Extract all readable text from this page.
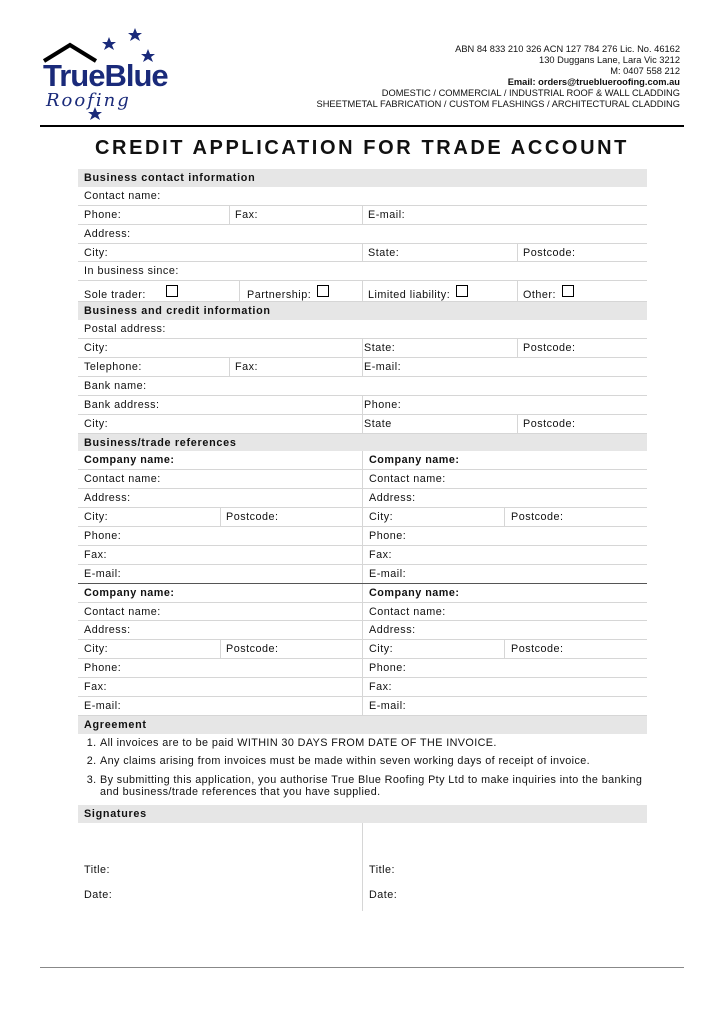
TrueBlue
Roofing
ABN 84 833 210 326 ACN 127 784 276 Lic. No. 46162
130 Duggans Lane, Lara Vic 3212
M: 0407 558 212
Email: orders@trueblueroofing.com.au
DOMESTIC / COMMERCIAL / INDUSTRIAL ROOF & WALL CLADDING
SHEETMETAL FABRICATION / CUSTOM FLASHINGS / ARCHITECTURAL CLADDING
CREDIT APPLICATION FOR TRADE ACCOUNT
Business contact information
Contact name:
Phone:	Fax:	E-mail:
Address:
City:	State:	Postcode:
In business since:
Sole trader:	Partnership:	Limited liability:	Other:
Business and credit information
Postal address:
City:	State:	Postcode:
Telephone:	Fax:	E-mail:
Bank name:
Bank address:	Phone:
City:	State	Postcode:
Business/trade references
Company name:	Company name:
Contact name:	Contact name:
Address:	Address:
City:	Postcode:	City:	Postcode:
Phone:	Phone:
Fax:	Fax:
E-mail:	E-mail:
Company name:	Company name:
Contact name:	Contact name:
Address:	Address:
City:	Postcode:	City:	Postcode:
Phone:	Phone:
Fax:	Fax:
E-mail:	E-mail:
Agreement
1. All invoices are to be paid WITHIN 30 DAYS FROM DATE OF THE INVOICE.
2. Any claims arising from invoices must be made within seven working days of receipt of invoice.
3. By submitting this application, you authorise True Blue Roofing Pty Ltd to make inquiries into the banking and business/trade references that you have supplied.
Signatures
Title:	Title:
Date:	Date:
